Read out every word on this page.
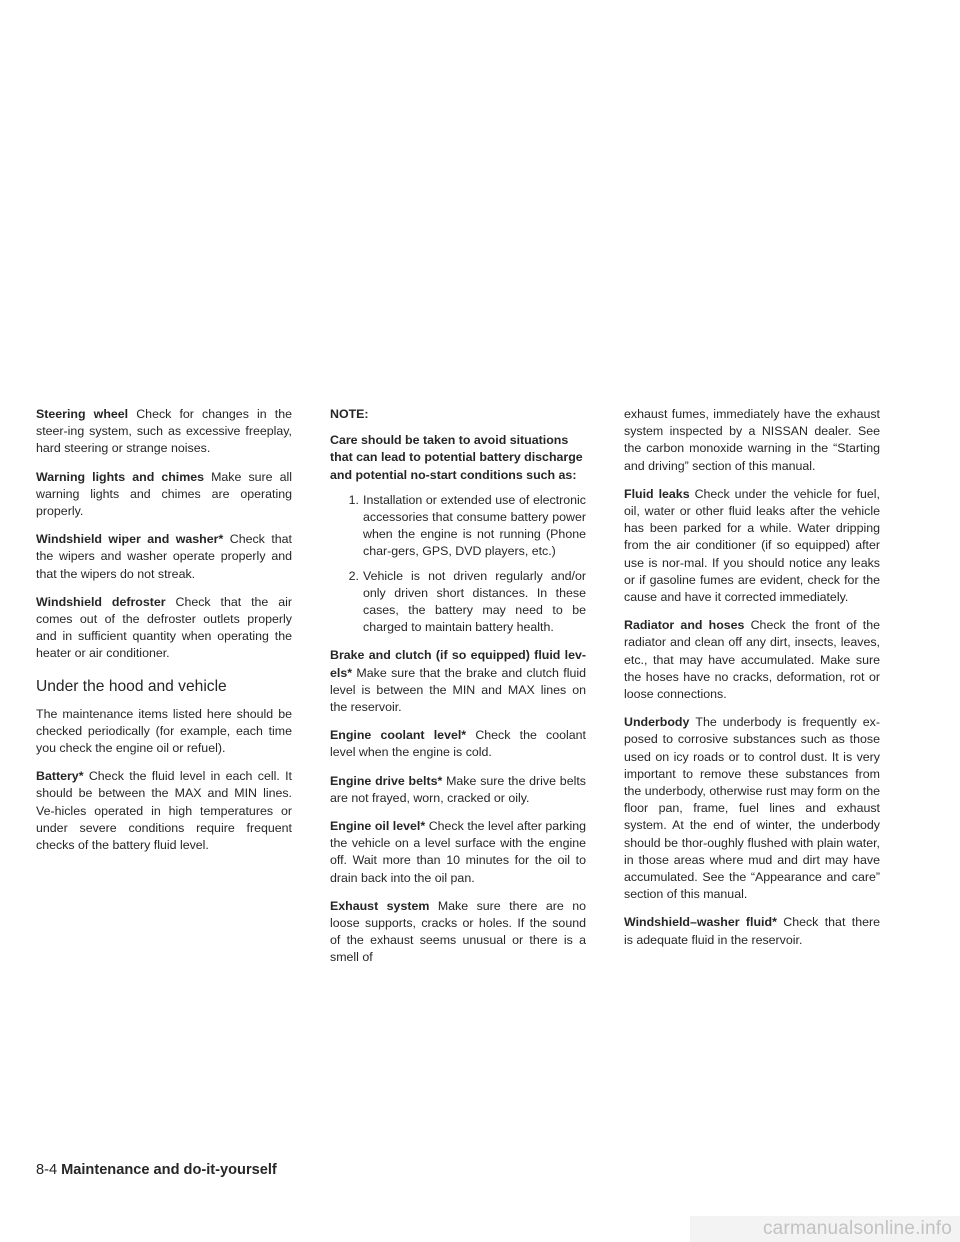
Steering wheel Check for changes in the steer-ing system, such as excessive freeplay, hard steering or strange noises.

Warning lights and chimes Make sure all warning lights and chimes are operating properly.

Windshield wiper and washer* Check that the wipers and washer operate properly and that the wipers do not streak.

Windshield defroster Check that the air comes out of the defroster outlets properly and in sufficient quantity when operating the heater or air conditioner.

Under the hood and vehicle

The maintenance items listed here should be checked periodically (for example, each time you check the engine oil or refuel).

Battery* Check the fluid level in each cell. It should be between the MAX and MIN lines. Ve-hicles operated in high temperatures or under severe conditions require frequent checks of the battery fluid level.

NOTE:

Care should be taken to avoid situations that can lead to potential battery discharge and potential no-start conditions such as:

1. Installation or extended use of electronic accessories that consume battery power when the engine is not running (Phone char-gers, GPS, DVD players, etc.)
2. Vehicle is not driven regularly and/or only driven short distances. In these cases, the battery may need to be charged to maintain battery health.

Brake and clutch (if so equipped) fluid lev-els* Make sure that the brake and clutch fluid level is between the MIN and MAX lines on the reservoir.

Engine coolant level* Check the coolant level when the engine is cold.

Engine drive belts* Make sure the drive belts are not frayed, worn, cracked or oily.

Engine oil level* Check the level after parking the vehicle on a level surface with the engine off. Wait more than 10 minutes for the oil to drain back into the oil pan.

Exhaust system Make sure there are no loose supports, cracks or holes. If the sound of the exhaust seems unusual or there is a smell of

exhaust fumes, immediately have the exhaust system inspected by a NISSAN dealer. See the carbon monoxide warning in the “Starting and driving” section of this manual.

Fluid leaks Check under the vehicle for fuel, oil, water or other fluid leaks after the vehicle has been parked for a while. Water dripping from the air conditioner (if so equipped) after use is nor-mal. If you should notice any leaks or if gasoline fumes are evident, check for the cause and have it corrected immediately.

Radiator and hoses Check the front of the radiator and clean off any dirt, insects, leaves, etc., that may have accumulated. Make sure the hoses have no cracks, deformation, rot or loose connections.

Underbody The underbody is frequently ex-posed to corrosive substances such as those used on icy roads or to control dust. It is very important to remove these substances from the underbody, otherwise rust may form on the floor pan, frame, fuel lines and exhaust system. At the end of winter, the underbody should be thor-oughly flushed with plain water, in those areas where mud and dirt may have accumulated. See the “Appearance and care” section of this manual.

Windshield–washer fluid* Check that there is adequate fluid in the reservoir.

8-4 Maintenance and do-it-yourself
carmanualsonline.info
